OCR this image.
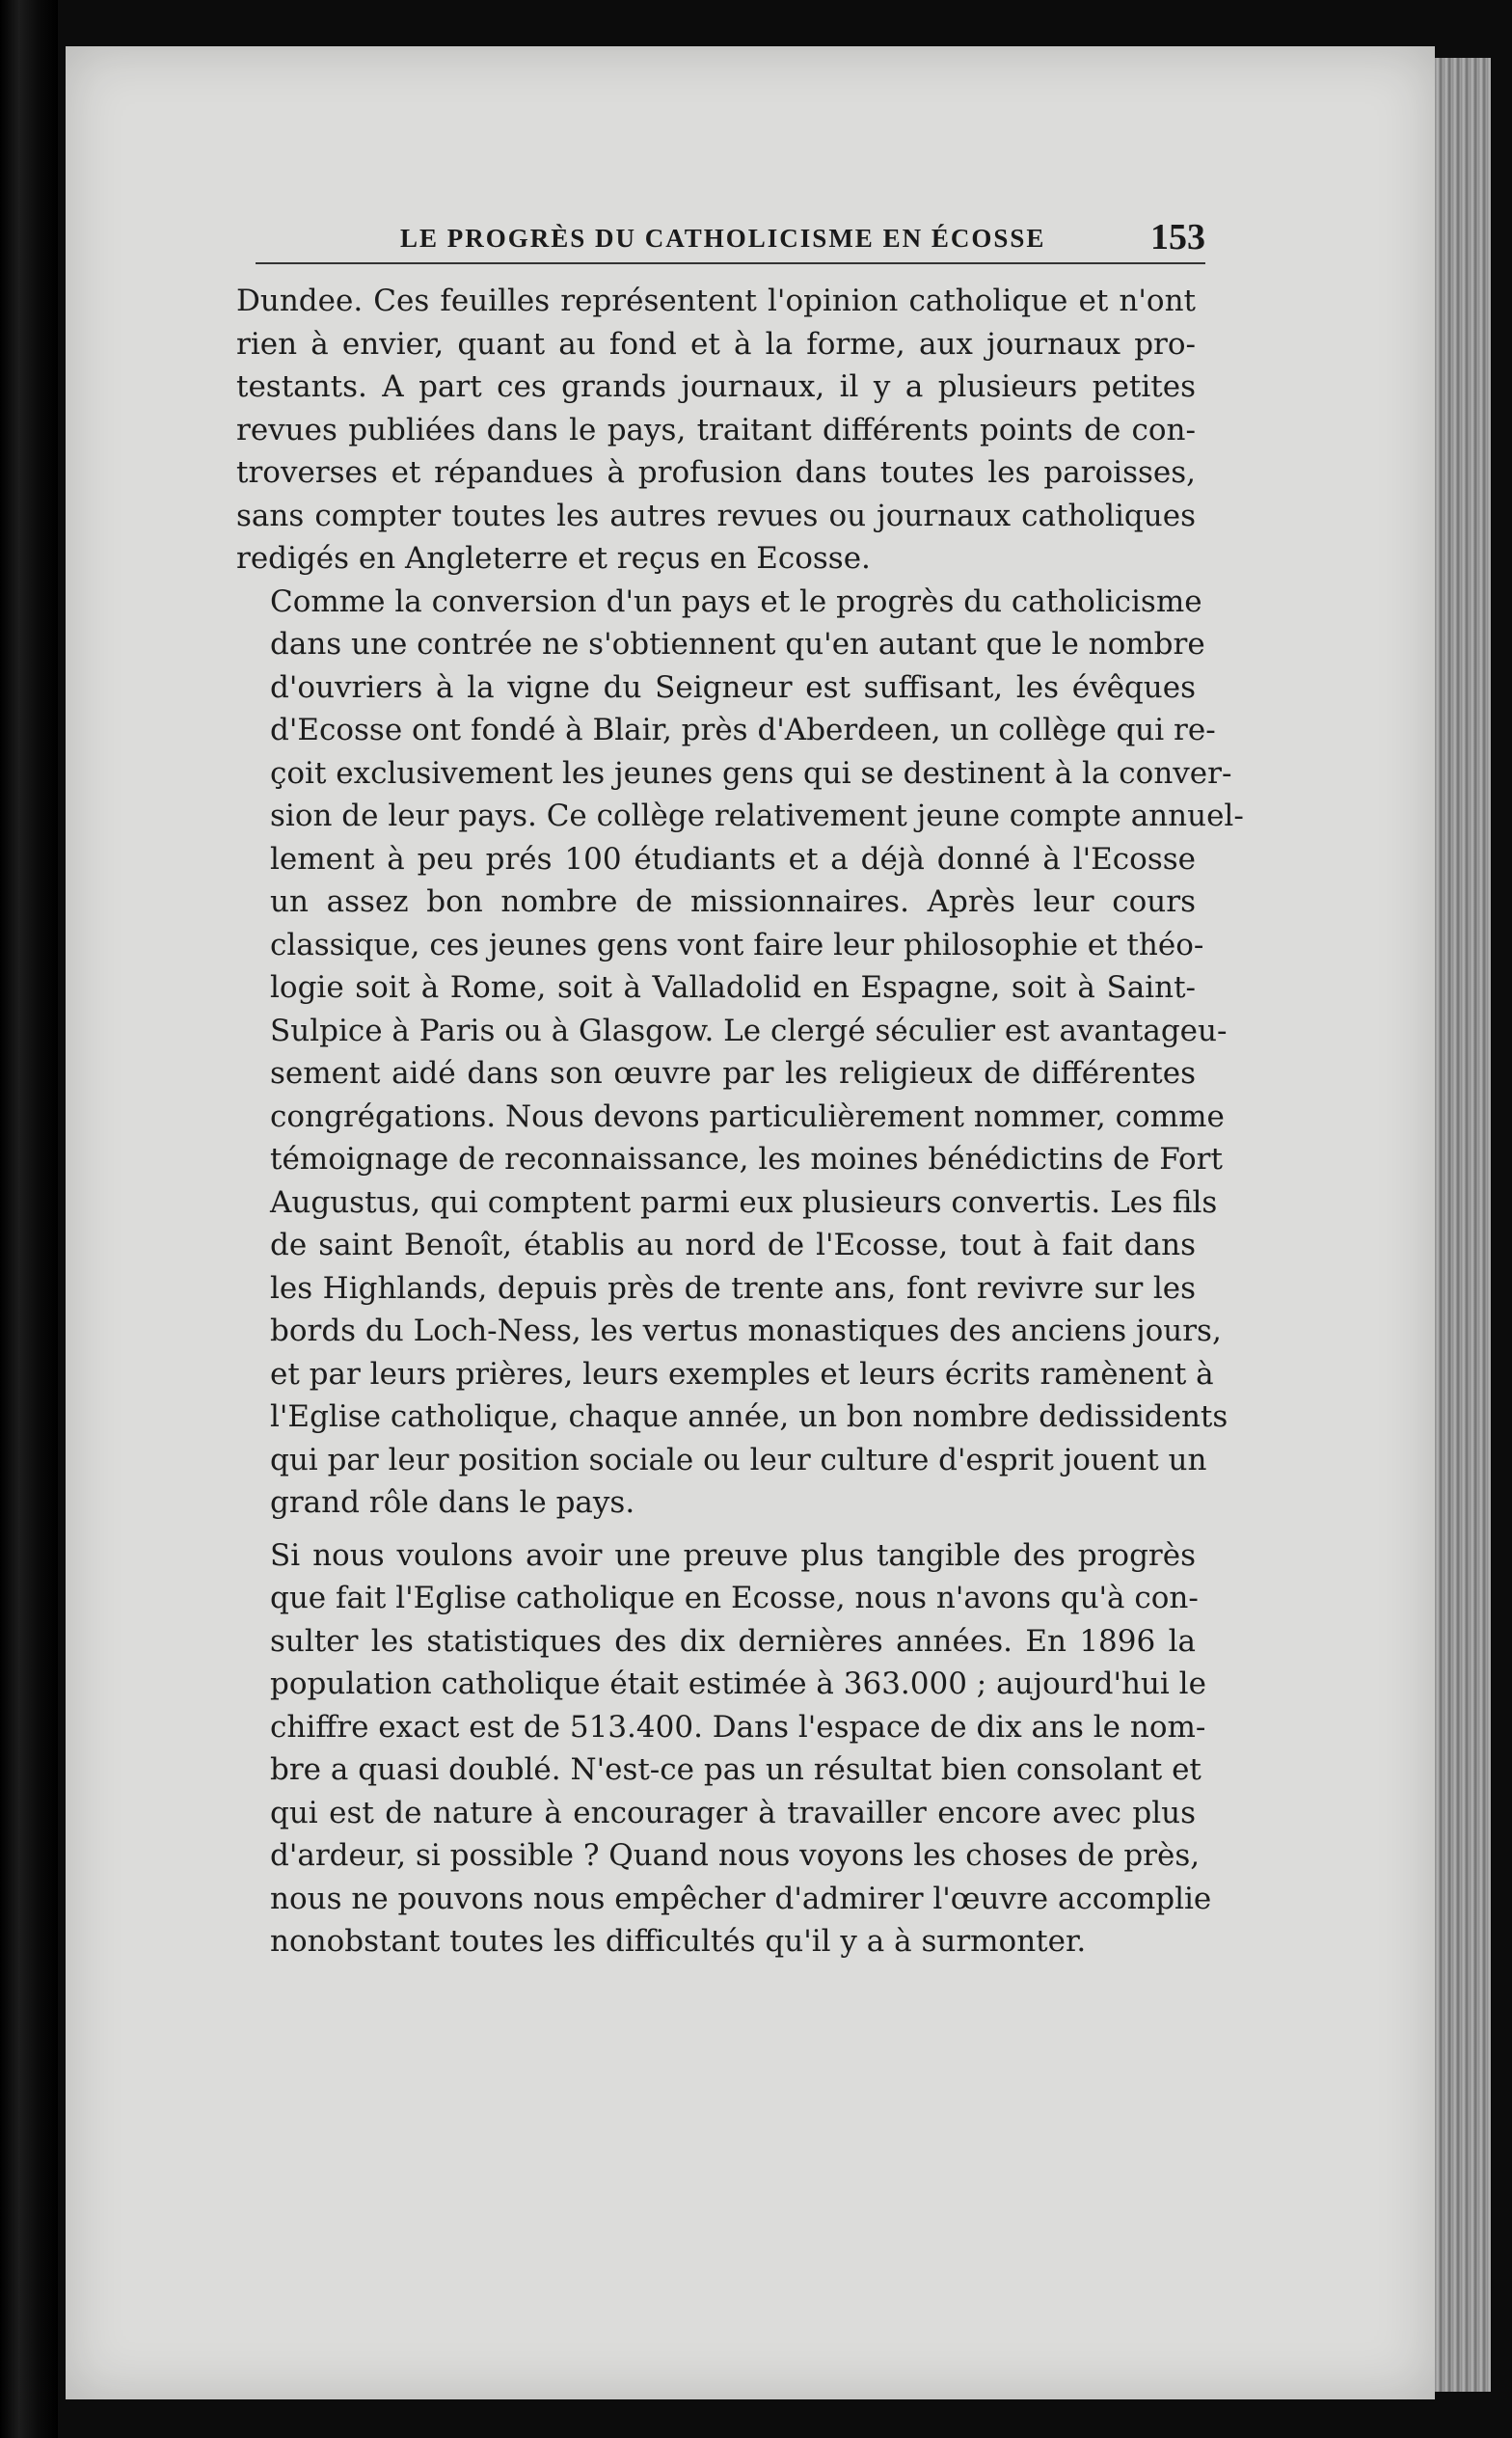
LE PROGRÈS DU CATHOLICISME EN ÉCOSSE	153

Dundee. Ces feuilles représentent l'opinion catholique et n'ont
rien à envier, quant au fond et à la forme, aux journaux pro-
testants. A part ces grands journaux, il y a plusieurs petites
revues publiées dans le pays, traitant différents points de con-
troverses et répandues à profusion dans toutes les paroisses,
sans compter toutes les autres revues ou journaux catholiques
redigés en Angleterre et reçus en Ecosse.

Comme la conversion d'un pays et le progrès du catholicisme
dans une contrée ne s'obtiennent qu'en autant que le nombre
d'ouvriers à la vigne du Seigneur est suffisant, les évêques
d'Ecosse ont fondé à Blair, près d'Aberdeen, un collège qui re-
çoit exclusivement les jeunes gens qui se destinent à la conver-
sion de leur pays. Ce collège relativement jeune compte annuel-
lement à peu prés 100 étudiants et a déjà donné à l'Ecosse
un assez bon nombre de missionnaires. Après leur cours
classique, ces jeunes gens vont faire leur philosophie et théo-
logie soit à Rome, soit à Valladolid en Espagne, soit à Saint-
Sulpice à Paris ou à Glasgow. Le clergé séculier est avantageu-
sement aidé dans son œuvre par les religieux de différentes
congrégations. Nous devons particulièrement nommer, comme
témoignage de reconnaissance, les moines bénédictins de Fort
Augustus, qui comptent parmi eux plusieurs convertis. Les fils
de saint Benoît, établis au nord de l'Ecosse, tout à fait dans
les Highlands, depuis près de trente ans, font revivre sur les
bords du Loch-Ness, les vertus monastiques des anciens jours,
et par leurs prières, leurs exemples et leurs écrits ramènent à
l'Eglise catholique, chaque année, un bon nombre dedissidents
qui par leur position sociale ou leur culture d'esprit jouent un
grand rôle dans le pays.

Si nous voulons avoir une preuve plus tangible des progrès
que fait l'Eglise catholique en Ecosse, nous n'avons qu'à con-
sulter les statistiques des dix dernières années. En 1896 la
population catholique était estimée à 363.000 ; aujourd'hui le
chiffre exact est de 513.400. Dans l'espace de dix ans le nom-
bre a quasi doublé. N'est-ce pas un résultat bien consolant et
qui est de nature à encourager à travailler encore avec plus
d'ardeur, si possible ? Quand nous voyons les choses de près,
nous ne pouvons nous empêcher d'admirer l'œuvre accomplie
nonobstant toutes les difficultés qu'il y a à surmonter.
